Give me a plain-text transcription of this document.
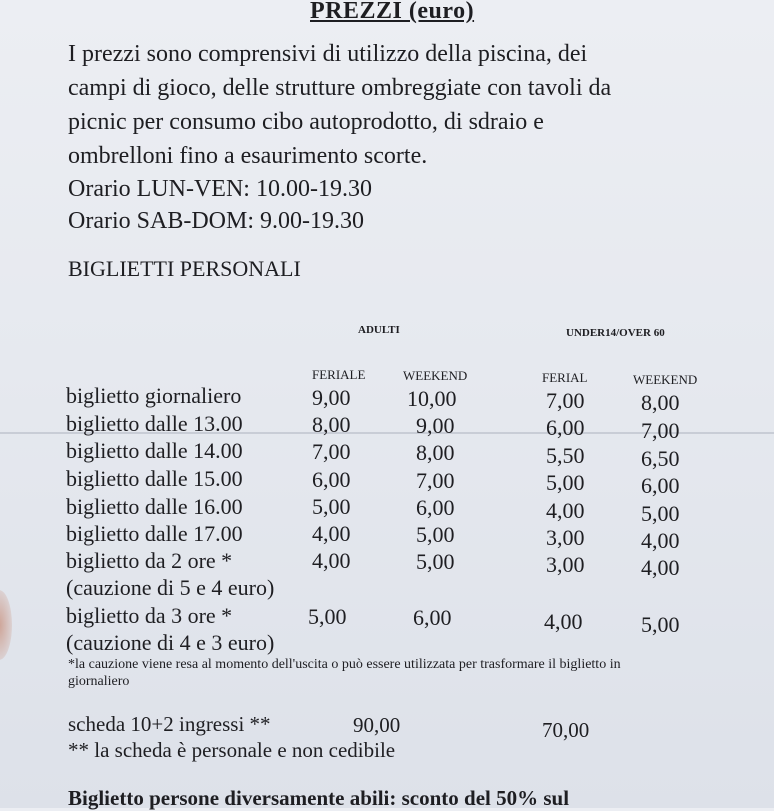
PREZZI (euro)
I prezzi sono comprensivi di utilizzo della piscina, dei
campi di gioco, delle strutture ombreggiate con tavoli da
picnic per consumo cibo autoprodotto, di sdraio e
ombrelloni fino a esaurimento scorte.
Orario LUN-VEN: 10.00-19.30
Orario SAB-DOM: 9.00-19.30
BIGLIETTI PERSONALI
ADULTI	UNDER14/OVER 60
FERIALE	WEEKEND	FERIAL	WEEKEND
biglietto giornaliero	9,00	10,00	7,00	8,00
biglietto dalle 13.00	8,00	9,00	6,00	7,00
biglietto dalle 14.00	7,00	8,00	5,50	6,50
biglietto dalle 15.00	6,00	7,00	5,00	6,00
biglietto dalle 16.00	5,00	6,00	4,00	5,00
biglietto dalle 17.00	4,00	5,00	3,00	4,00
biglietto da 2 ore *	4,00	5,00	3,00	4,00
(cauzione di 5 e 4 euro)
biglietto da 3 ore *	5,00	6,00	4,00	5,00
(cauzione di 4 e 3 euro)
*la cauzione viene resa al momento dell'uscita o può essere utilizzata per trasformare il biglietto in
giornaliero
scheda 10+2 ingressi **	90,00	70,00
** la scheda è personale e non cedibile
Biglietto persone diversamente abili: sconto del 50% sul
